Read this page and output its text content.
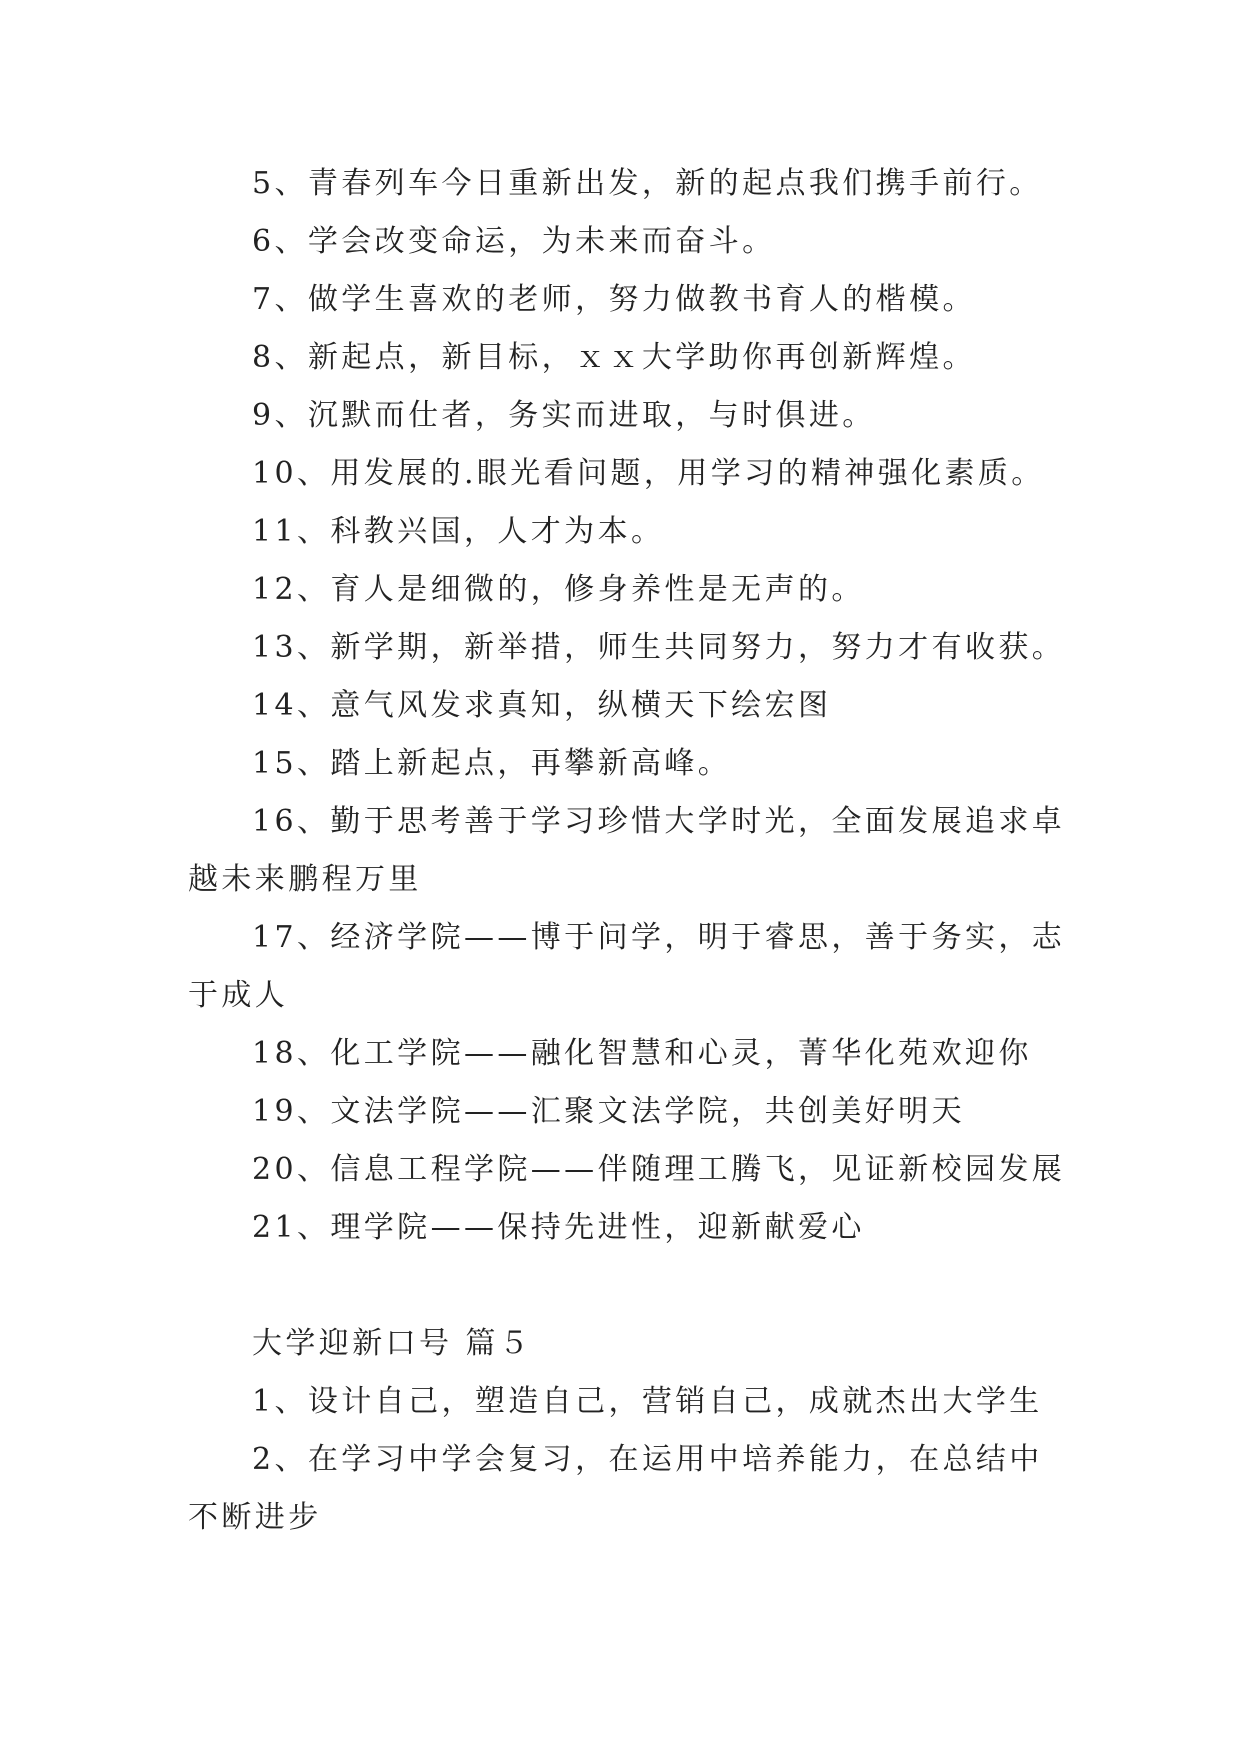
5、青春列车今日重新出发，新的起点我们携手前行。
6、学会改变命运，为未来而奋斗。
7、做学生喜欢的老师，努力做教书育人的楷模。
8、新起点，新目标，ｘｘ大学助你再创新辉煌。
9、沉默而仕者，务实而进取，与时俱进。
10、用发展的.眼光看问题，用学习的精神强化素质。
11、科教兴国，人才为本。
12、育人是细微的，修身养性是无声的。
13、新学期，新举措，师生共同努力，努力才有收获。
14、意气风发求真知，纵横天下绘宏图
15、踏上新起点，再攀新高峰。
16、勤于思考善于学习珍惜大学时光，全面发展追求卓
越未来鹏程万里
17、经济学院——博于问学，明于睿思，善于务实，志
于成人
18、化工学院——融化智慧和心灵，菁华化苑欢迎你
19、文法学院——汇聚文法学院，共创美好明天
20、信息工程学院——伴随理工腾飞，见证新校园发展
21、理学院——保持先进性，迎新献爱心
大学迎新口号 篇５
1、设计自己，塑造自己，营销自己，成就杰出大学生
2、在学习中学会复习，在运用中培养能力，在总结中
不断进步
